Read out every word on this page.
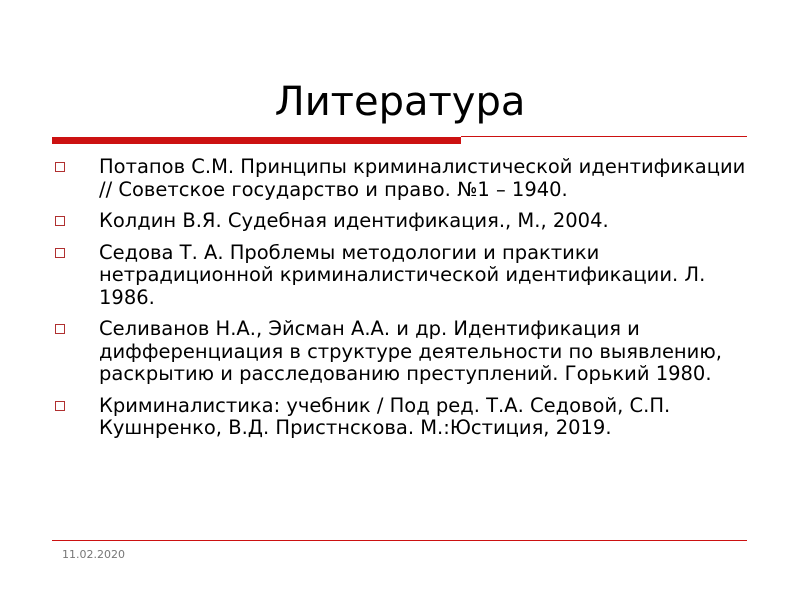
Литература
Потапов С.М. Принципы криминалистической идентификации // Советское государство и право. №1 – 1940.
Колдин В.Я. Судебная идентификация., М., 2004.
Седова Т. А. Проблемы методологии и практики нетрадиционной криминалистической идентификации. Л. 1986.
Селиванов Н.А., Эйсман А.А. и др. Идентификация и дифференциация в структуре деятельности по выявлению, раскрытию и расследованию преступлений. Горький 1980.
Криминалистика: учебник / Под ред. Т.А. Седовой, С.П. Кушнренко, В.Д. Пристнскова. М.:Юстиция, 2019.
11.02.2020
